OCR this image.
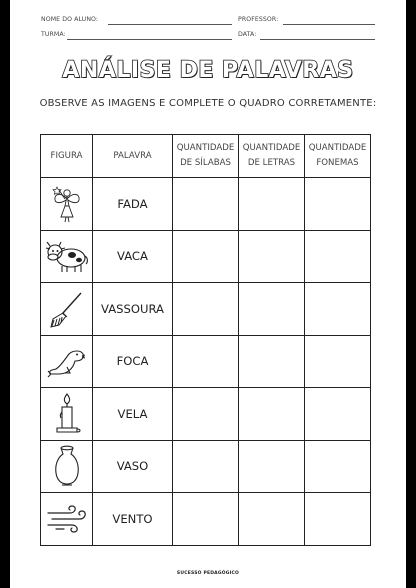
NOME DO ALUNO:	PROFESSOR:
TURMA:	DATA:
ANÁLISE DE PALAVRAS
OBSERVE AS IMAGENS E COMPLETE O QUADRO CORRETAMENTE:
FIGURA	PALAVRA	QUANTIDADE DE SÍLABAS	QUANTIDADE DE LETRAS	QUANTIDADE FONEMAS

	FADA			

	VACA			

	VASSOURA			

	FOCA			

	VELA			

	VASO			

	VENTO			
SUCESSO PEDAGÓGICO
